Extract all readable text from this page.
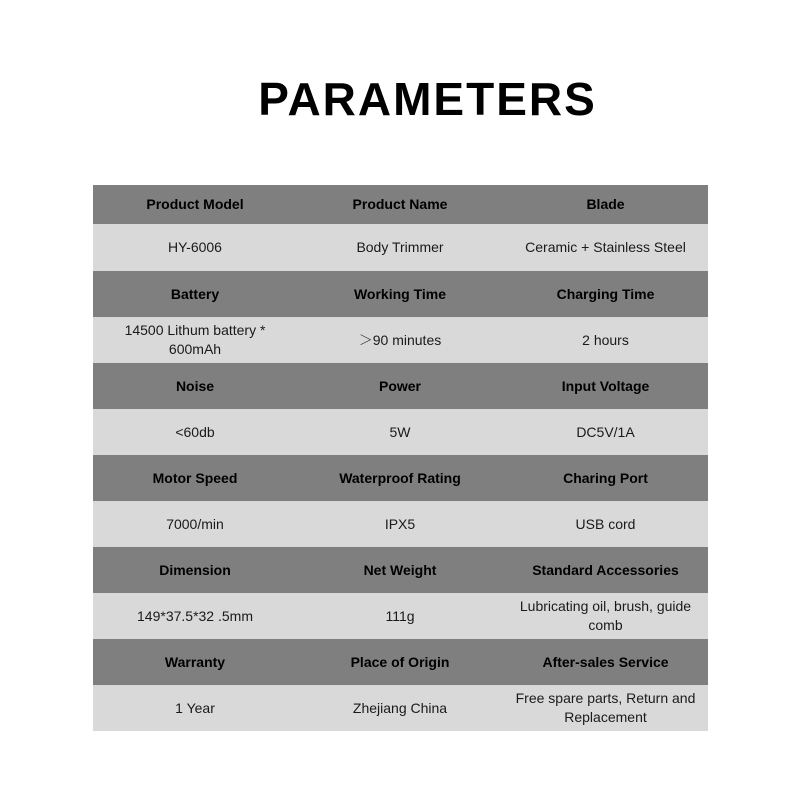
PARAMETERS
Product Model	Product Name	Blade
HY-6006	Body Trimmer	Ceramic + Stainless Steel
Battery	Working Time	Charging Time
14500 Lithum battery * 600mAh	＞90 minutes	2 hours
Noise	Power	Input Voltage
<60db	5W	DC5V/1A
Motor Speed	Waterproof Rating	Charing Port
7000/min	IPX5	USB cord
Dimension	Net Weight	Standard Accessories
149*37.5*32 .5mm	111g	Lubricating oil, brush, guide comb
Warranty	Place of Origin	After-sales Service
1 Year	Zhejiang China	Free spare parts, Return and Replacement
